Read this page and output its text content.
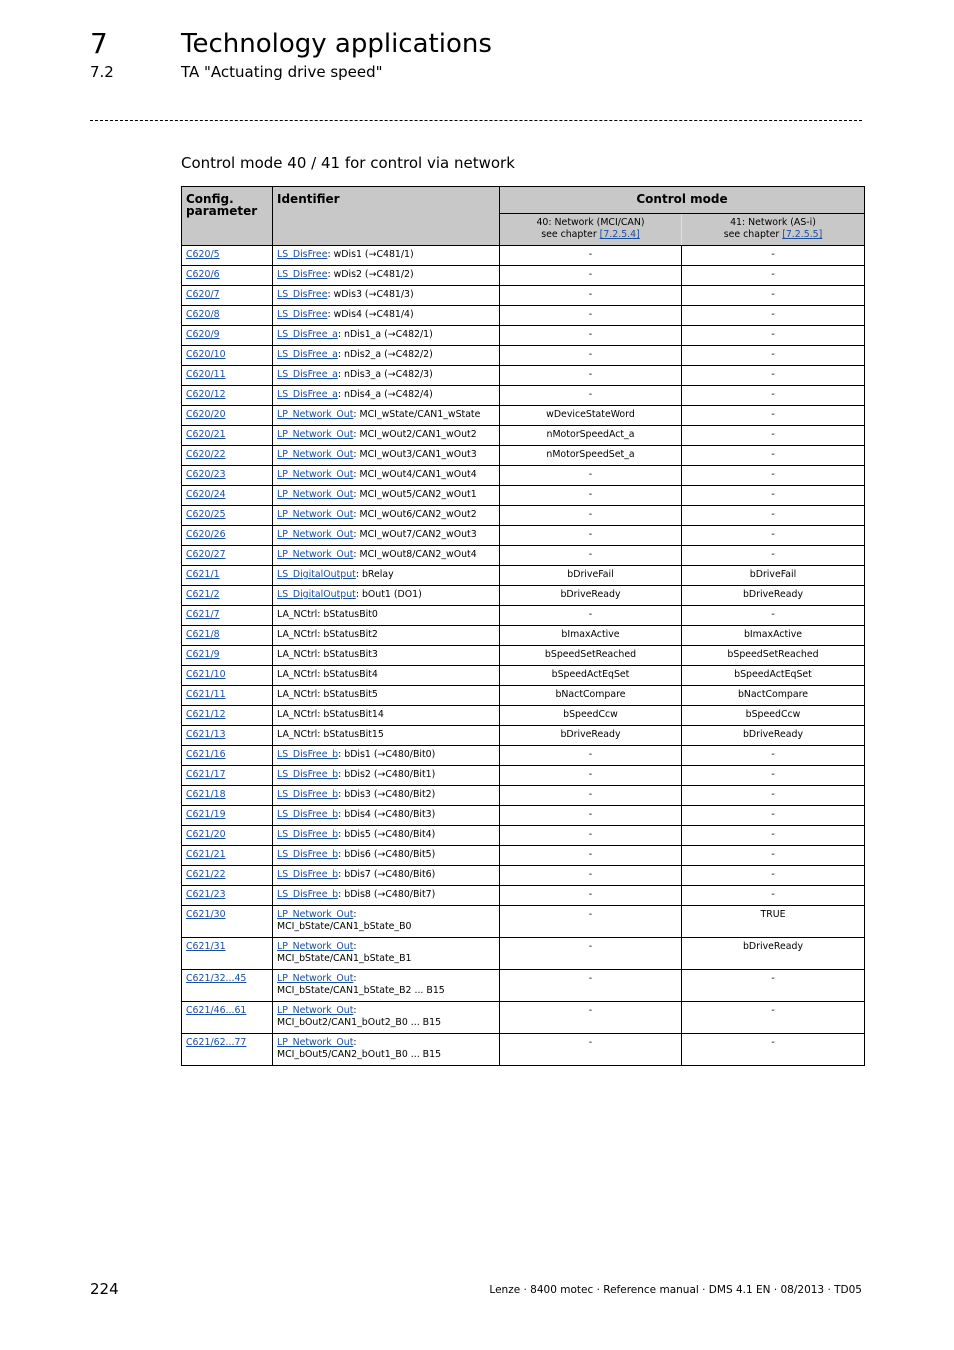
7	Technology applications
7.2	TA "Actuating drive speed"
Control mode 40 / 41 for control via network
Config. parameter	Identifier	Control mode	
		40: Network (MCI/CAN)
see chapter [7.2.5.4]	41: Network (AS-i)
see chapter [7.2.5.5]
C620/5	LS_DisFree: wDis1 (→C481/1)	-	-
C620/6	LS_DisFree: wDis2 (→C481/2)	-	-
C620/7	LS_DisFree: wDis3 (→C481/3)	-	-
C620/8	LS_DisFree: wDis4 (→C481/4)	-	-
C620/9	LS_DisFree_a: nDis1_a (→C482/1)	-	-
C620/10	LS_DisFree_a: nDis2_a (→C482/2)	-	-
C620/11	LS_DisFree_a: nDis3_a (→C482/3)	-	-
C620/12	LS_DisFree_a: nDis4_a (→C482/4)	-	-
C620/20	LP_Network_Out: MCI_wState/CAN1_wState	wDeviceStateWord	-
C620/21	LP_Network_Out: MCI_wOut2/CAN1_wOut2	nMotorSpeedAct_a	-
C620/22	LP_Network_Out: MCI_wOut3/CAN1_wOut3	nMotorSpeedSet_a	-
C620/23	LP_Network_Out: MCI_wOut4/CAN1_wOut4	-	-
C620/24	LP_Network_Out: MCI_wOut5/CAN2_wOut1	-	-
C620/25	LP_Network_Out: MCI_wOut6/CAN2_wOut2	-	-
C620/26	LP_Network_Out: MCI_wOut7/CAN2_wOut3	-	-
C620/27	LP_Network_Out: MCI_wOut8/CAN2_wOut4	-	-
C621/1	LS_DigitalOutput: bRelay	bDriveFail	bDriveFail
C621/2	LS_DigitalOutput: bOut1 (DO1)	bDriveReady	bDriveReady
C621/7	LA_NCtrl: bStatusBit0	-	-
C621/8	LA_NCtrl: bStatusBit2	bImaxActive	bImaxActive
C621/9	LA_NCtrl: bStatusBit3	bSpeedSetReached	bSpeedSetReached
C621/10	LA_NCtrl: bStatusBit4	bSpeedActEqSet	bSpeedActEqSet
C621/11	LA_NCtrl: bStatusBit5	bNactCompare	bNactCompare
C621/12	LA_NCtrl: bStatusBit14	bSpeedCcw	bSpeedCcw
C621/13	LA_NCtrl: bStatusBit15	bDriveReady	bDriveReady
C621/16	LS_DisFree_b: bDis1 (→C480/Bit0)	-	-
C621/17	LS_DisFree_b: bDis2 (→C480/Bit1)	-	-
C621/18	LS_DisFree_b: bDis3 (→C480/Bit2)	-	-
C621/19	LS_DisFree_b: bDis4 (→C480/Bit3)	-	-
C621/20	LS_DisFree_b: bDis5 (→C480/Bit4)	-	-
C621/21	LS_DisFree_b: bDis6 (→C480/Bit5)	-	-
C621/22	LS_DisFree_b: bDis7 (→C480/Bit6)	-	-
C621/23	LS_DisFree_b: bDis8 (→C480/Bit7)	-	-
C621/30	LP_Network_Out:
MCI_bState/CAN1_bState_B0	-	TRUE
C621/31	LP_Network_Out:
MCI_bState/CAN1_bState_B1	-	bDriveReady
C621/32...45	LP_Network_Out:
MCI_bState/CAN1_bState_B2 ... B15	-	-
C621/46...61	LP_Network_Out:
MCI_bOut2/CAN1_bOut2_B0 ... B15	-	-
C621/62...77	LP_Network_Out:
MCI_bOut5/CAN2_bOut1_B0 ... B15	-	-
224	Lenze · 8400 motec · Reference manual · DMS 4.1 EN · 08/2013 · TD05
